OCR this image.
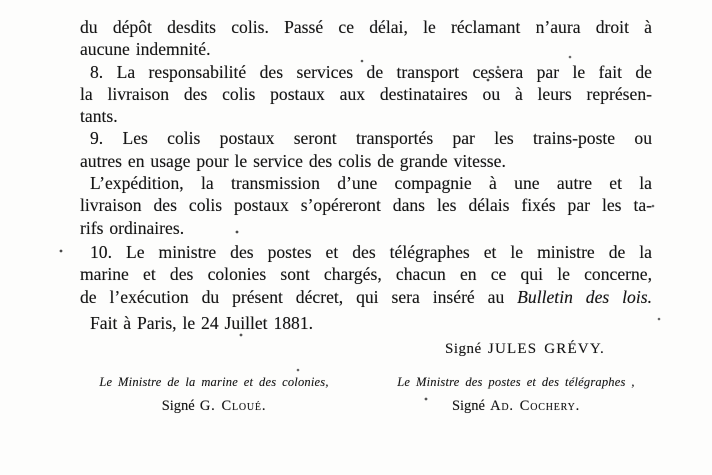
du dépôt desdits colis. Passé ce délai, le réclamant n’aura droit à
aucune indemnité.
8. La responsabilité des services de transport cessera par le fait de
la livraison des colis postaux aux destinataires ou à leurs représen-
tants.
9. Les colis postaux seront transportés par les trains-poste ou
autres en usage pour le service des colis de grande vitesse.
L’expédition, la transmission d’une compagnie à une autre et la
livraison des colis postaux s’opéreront dans les délais fixés par les ta-
rifs ordinaires.
10. Le ministre des postes et des télégraphes et le ministre de la
marine et des colonies sont chargés, chacun en ce qui le concerne,
de l’exécution du présent décret, qui sera inséré au Bulletin des lois.
Fait à Paris, le 24 Juillet 1881.
Signé JULES GRÉVY.
Le Ministre de la marine et des colonies,
Signé G. Cloué.
Le Ministre des postes et des télégraphes ,
Signé Ad. Cochery.
